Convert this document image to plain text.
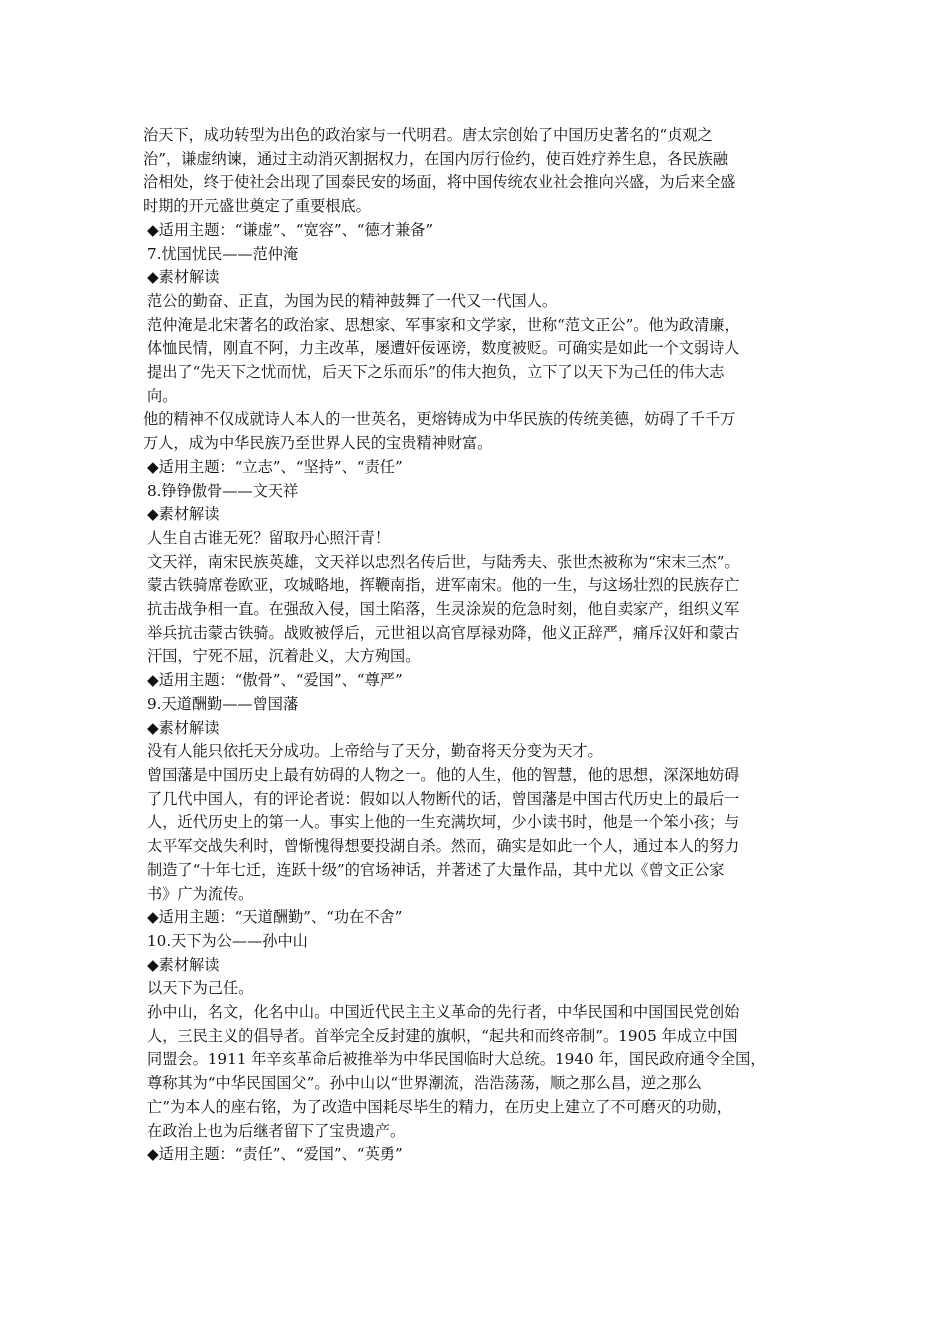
治天下，成功转型为出色的政治家与一代明君。唐太宗创始了中国历史著名的“贞观之
治”，谦虚纳谏，通过主动消灭割据权力，在国内厉行俭约，使百姓疗养生息，各民族融
洽相处，终于使社会出现了国泰民安的场面，将中国传统农业社会推向兴盛，为后来全盛
时期的开元盛世奠定了重要根底。
◆适用主题：“谦虚”、“宽容”、“德才兼备”
7.忧国忧民——范仲淹
◆素材解读
范公的勤奋、正直，为国为民的精神鼓舞了一代又一代国人。
范仲淹是北宋著名的政治家、思想家、军事家和文学家，世称“范文正公”。他为政清廉，
体恤民情，刚直不阿，力主改革，屡遭奸佞诬谤，数度被贬。可确实是如此一个文弱诗人
提出了“先天下之忧而忧，后天下之乐而乐”的伟大抱负，立下了以天下为己任的伟大志
向。
他的精神不仅成就诗人本人的一世英名，更熔铸成为中华民族的传统美德，妨碍了千千万
万人，成为中华民族乃至世界人民的宝贵精神财富。
◆适用主题：“立志”、“坚持”、“责任”
8.铮铮傲骨——文天祥
◆素材解读
人生自古谁无死？留取丹心照汗青！
文天祥，南宋民族英雄，文天祥以忠烈名传后世，与陆秀夫、张世杰被称为“宋末三杰”。
蒙古铁骑席卷欧亚，攻城略地，挥鞭南指，进军南宋。他的一生，与这场壮烈的民族存亡
抗击战争相一直。在强敌入侵，国土陷落，生灵涂炭的危急时刻，他自卖家产，组织义军
举兵抗击蒙古铁骑。战败被俘后，元世祖以高官厚禄劝降，他义正辞严，痛斥汉奸和蒙古
汗国，宁死不屈，沉着赴义，大方殉国。
◆适用主题：“傲骨”、“爱国”、“尊严”
9.天道酬勤——曾国藩
◆素材解读
没有人能只依托天分成功。上帝给与了天分，勤奋将天分变为天才。
曾国藩是中国历史上最有妨碍的人物之一。他的人生，他的智慧，他的思想，深深地妨碍
了几代中国人，有的评论者说：假如以人物断代的话，曾国藩是中国古代历史上的最后一
人，近代历史上的第一人。事实上他的一生充满坎坷，少小读书时，他是一个笨小孩；与
太平军交战失利时，曾惭愧得想要投湖自杀。然而，确实是如此一个人，通过本人的努力
制造了“十年七迁，连跃十级”的官场神话，并著述了大量作品，其中尤以《曾文正公家
书》广为流传。
◆适用主题：“天道酬勤”、“功在不舍”
10.天下为公——孙中山
◆素材解读
以天下为己任。
孙中山，名文，化名中山。中国近代民主主义革命的先行者，中华民国和中国国民党创始
人，三民主义的倡导者。首举完全反封建的旗帜，“起共和而终帝制”。1905 年成立中国
同盟会。1911 年辛亥革命后被推举为中华民国临时大总统。1940 年，国民政府通令全国，
尊称其为“中华民国国父”。孙中山以“世界潮流，浩浩荡荡，顺之那么昌，逆之那么
亡”为本人的座右铭，为了改造中国耗尽毕生的精力，在历史上建立了不可磨灭的功勋，
在政治上也为后继者留下了宝贵遗产。
◆适用主题：“责任”、“爱国”、“英勇”
